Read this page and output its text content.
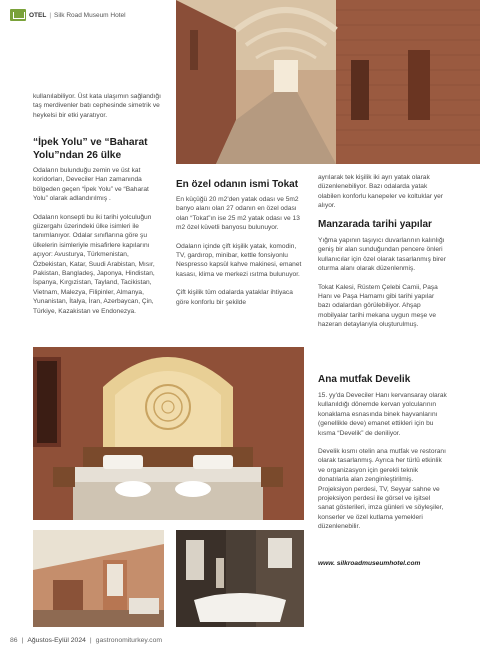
OTEL | Silk Road Museum Hotel
kullanılabiliyor. Üst kata ulaşımın sağlandığı taş merdivenler batı cephesinde simetrik ve heykelsi bir etki yaratıyor.
“İpek Yolu” ve “Baharat Yolu”ndan 26 ülke

Odaların bulunduğu zemin ve üst kat koridorları, Deveciler Han zamanında bölgeden geçen “İpek Yolu” ve “Baharat Yolu” olarak adlandırılmış .

Odaların konsepti bu iki tarihi yolculuğun güzergahı üzerindeki ülke isimleri ile tanımlanıyor. Odalar sınıflarına göre şu ülkelerin isimleriyle misafirlere kapılarını açıyor: Avusturya, Türkmenistan, Özbekistan, Katar, Suudi Arabistan, Mısır, Pakistan, Bangladeş, Japonya, Hindistan, İspanya, Kırgızistan, Tayland, Tacikistan, Vietnam, Malezya, Filipinler, Almanya, Yunanistan, İtalya, İran, Azerbaycan, Çin, Türkiye, Kazakistan ve Endonezya.

En özel odanın ismi Tokat

En küçüğü 20 m2'den yatak odası ve 5m2 banyo alanı olan 27 odanın en özel odası olan “Tokat”ın ise 25 m2 yatak odası ve 13 m2 özel küvetli banyosu bulunuyor.

Odaların içinde çift kişilik yatak, komodin, TV, gardırop, minibar, kettle fonsiyonlu Nespresso kapsül kahve makinesi, emanet kasası, klima ve merkezi ısıtma bulunuyor.

Çift kişilik tüm odalarda yataklar ihtiyaca göre konforlu bir şekilde

ayrılarak tek kişilik iki ayrı yatak olarak düzenlenebiliyor. Bazı odalarda yatak olabilen konforlu kanepeler ve koltuklar yer alıyor.
Manzarada tarihi yapılar

Yığma yapının taşıyıcı duvarlarının kalınlığı geniş bir alan sunduğundan pencere önleri kullanıcılar için özel olarak tasarlanmış birer oturma alanı olarak düzenlenmiş.

Tokat Kalesi, Rüstem Çelebi Camii, Paşa Hanı ve Paşa Hamamı gibi tarihi yapılar bazı odalardan görülebiliyor. Ahşap mobilyalar tarihi mekana uygun meşe ve hazeran detaylarıyla oluşturulmuş.

Ana mutfak Develik

15. yy'da Deveciler Hanı kervansaray olarak kullanıldığı dönemde kervan yolcularının konaklama esnasında binek hayvanlarını (genellikle deve) emanet ettikleri için bu kısma “Develik” de deniliyor.

Develik kısmı otelin ana mutfak ve restoranı olarak tasarlanmış. Ayrıca her türlü etkinlik ve organizasyon için gerekli teknik donatılarla alan zenginleştirilmiş. Projeksiyon perdesi, TV, Seyyar sahne ve projeksiyon perdesi ile görsel ve işitsel sanat gösterileri, imza günleri ve söyleşiler, konserler ve özel kutlama yemekleri düzenlenebilir.

www. silkroadmuseumhotel.com
86 | Ağustos-Eylül 2024 | gastronomiturkey.com
